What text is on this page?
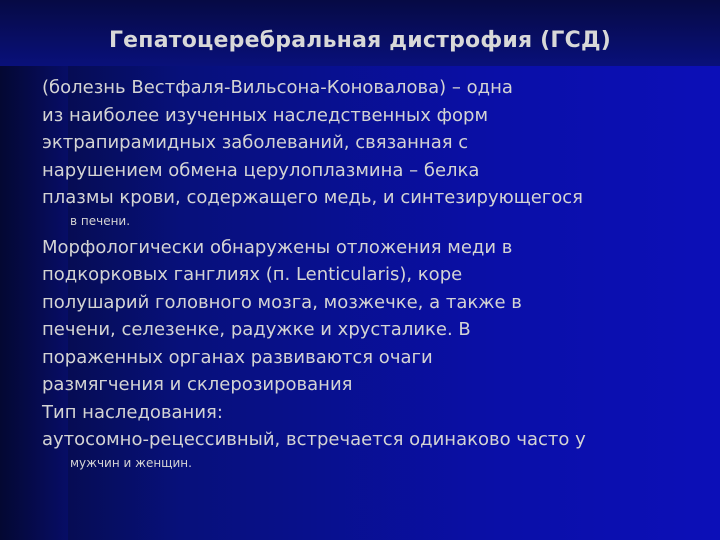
Гепатоцеребральная дистрофия (ГСД)
(болезнь Вестфаля-Вильсона-Коновалова) – одна
из наиболее изученных наследственных форм
эктрапирамидных заболеваний, связанная с
нарушением обмена церулоплазмина – белка
плазмы крови, содержащего медь, и синтезирующегося
в печени.
Морфологически обнаружены отложения меди в
подкорковых ганглиях (п. Lenticularis), коре
полушарий головного мозга, мозжечке, а также в
печени, селезенке, радужке и хрусталике. В
пораженных органах развиваются очаги
размягчения и склерозирования
Тип наследования:
аутосомно-рецессивный, встречается одинаково часто у
мужчин и женщин.
